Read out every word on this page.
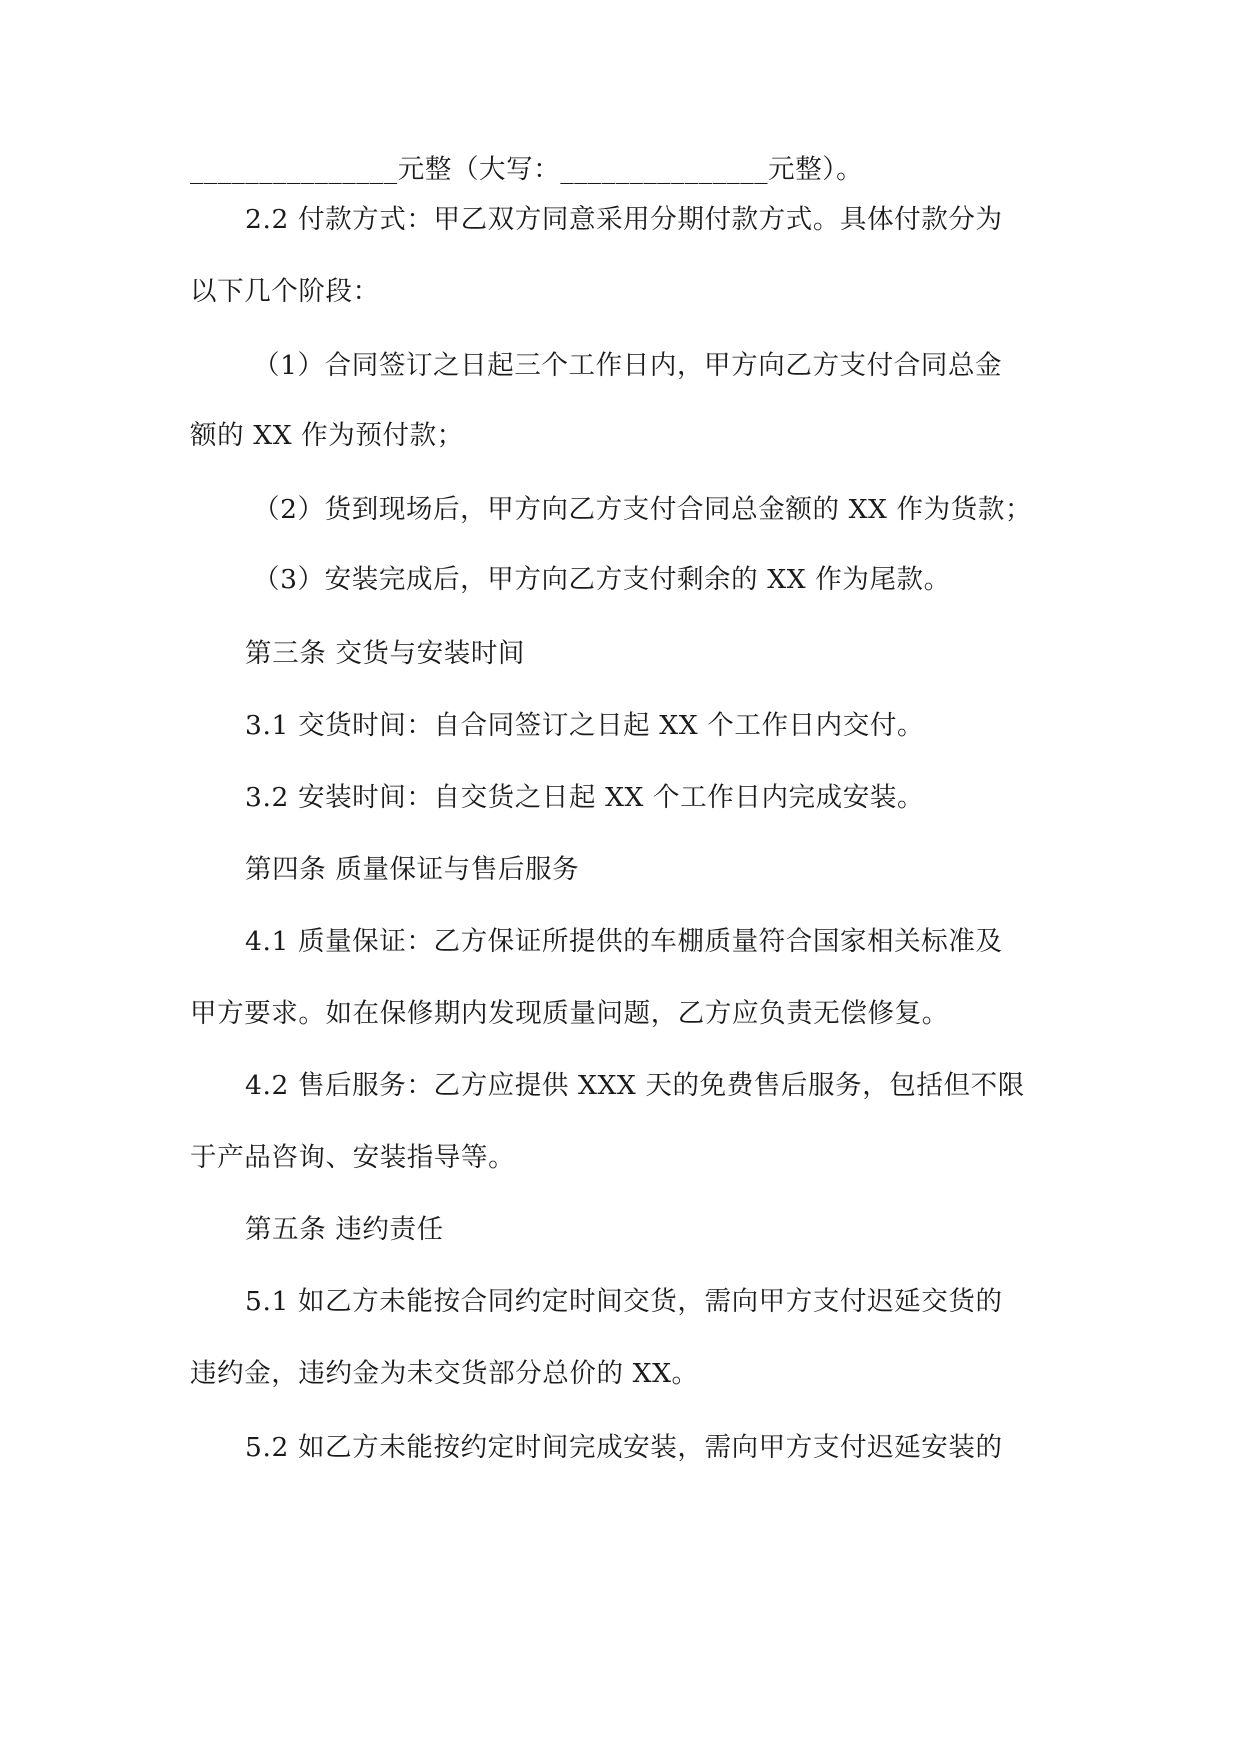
_______________元整（大写：_______________元整）。
2.2 付款方式：甲乙双方同意采用分期付款方式。具体付款分为
以下几个阶段：
（1）合同签订之日起三个工作日内，甲方向乙方支付合同总金
额的 XX 作为预付款；
（2）货到现场后，甲方向乙方支付合同总金额的 XX 作为货款；
（3）安装完成后，甲方向乙方支付剩余的 XX 作为尾款。
第三条 交货与安装时间
3.1 交货时间：自合同签订之日起 XX 个工作日内交付。
3.2 安装时间：自交货之日起 XX 个工作日内完成安装。
第四条 质量保证与售后服务
4.1 质量保证：乙方保证所提供的车棚质量符合国家相关标准及
甲方要求。如在保修期内发现质量问题，乙方应负责无偿修复。
4.2 售后服务：乙方应提供 XXX 天的免费售后服务，包括但不限
于产品咨询、安装指导等。
第五条 违约责任
5.1 如乙方未能按合同约定时间交货，需向甲方支付迟延交货的
违约金，违约金为未交货部分总价的 XX。
5.2 如乙方未能按约定时间完成安装，需向甲方支付迟延安装的
